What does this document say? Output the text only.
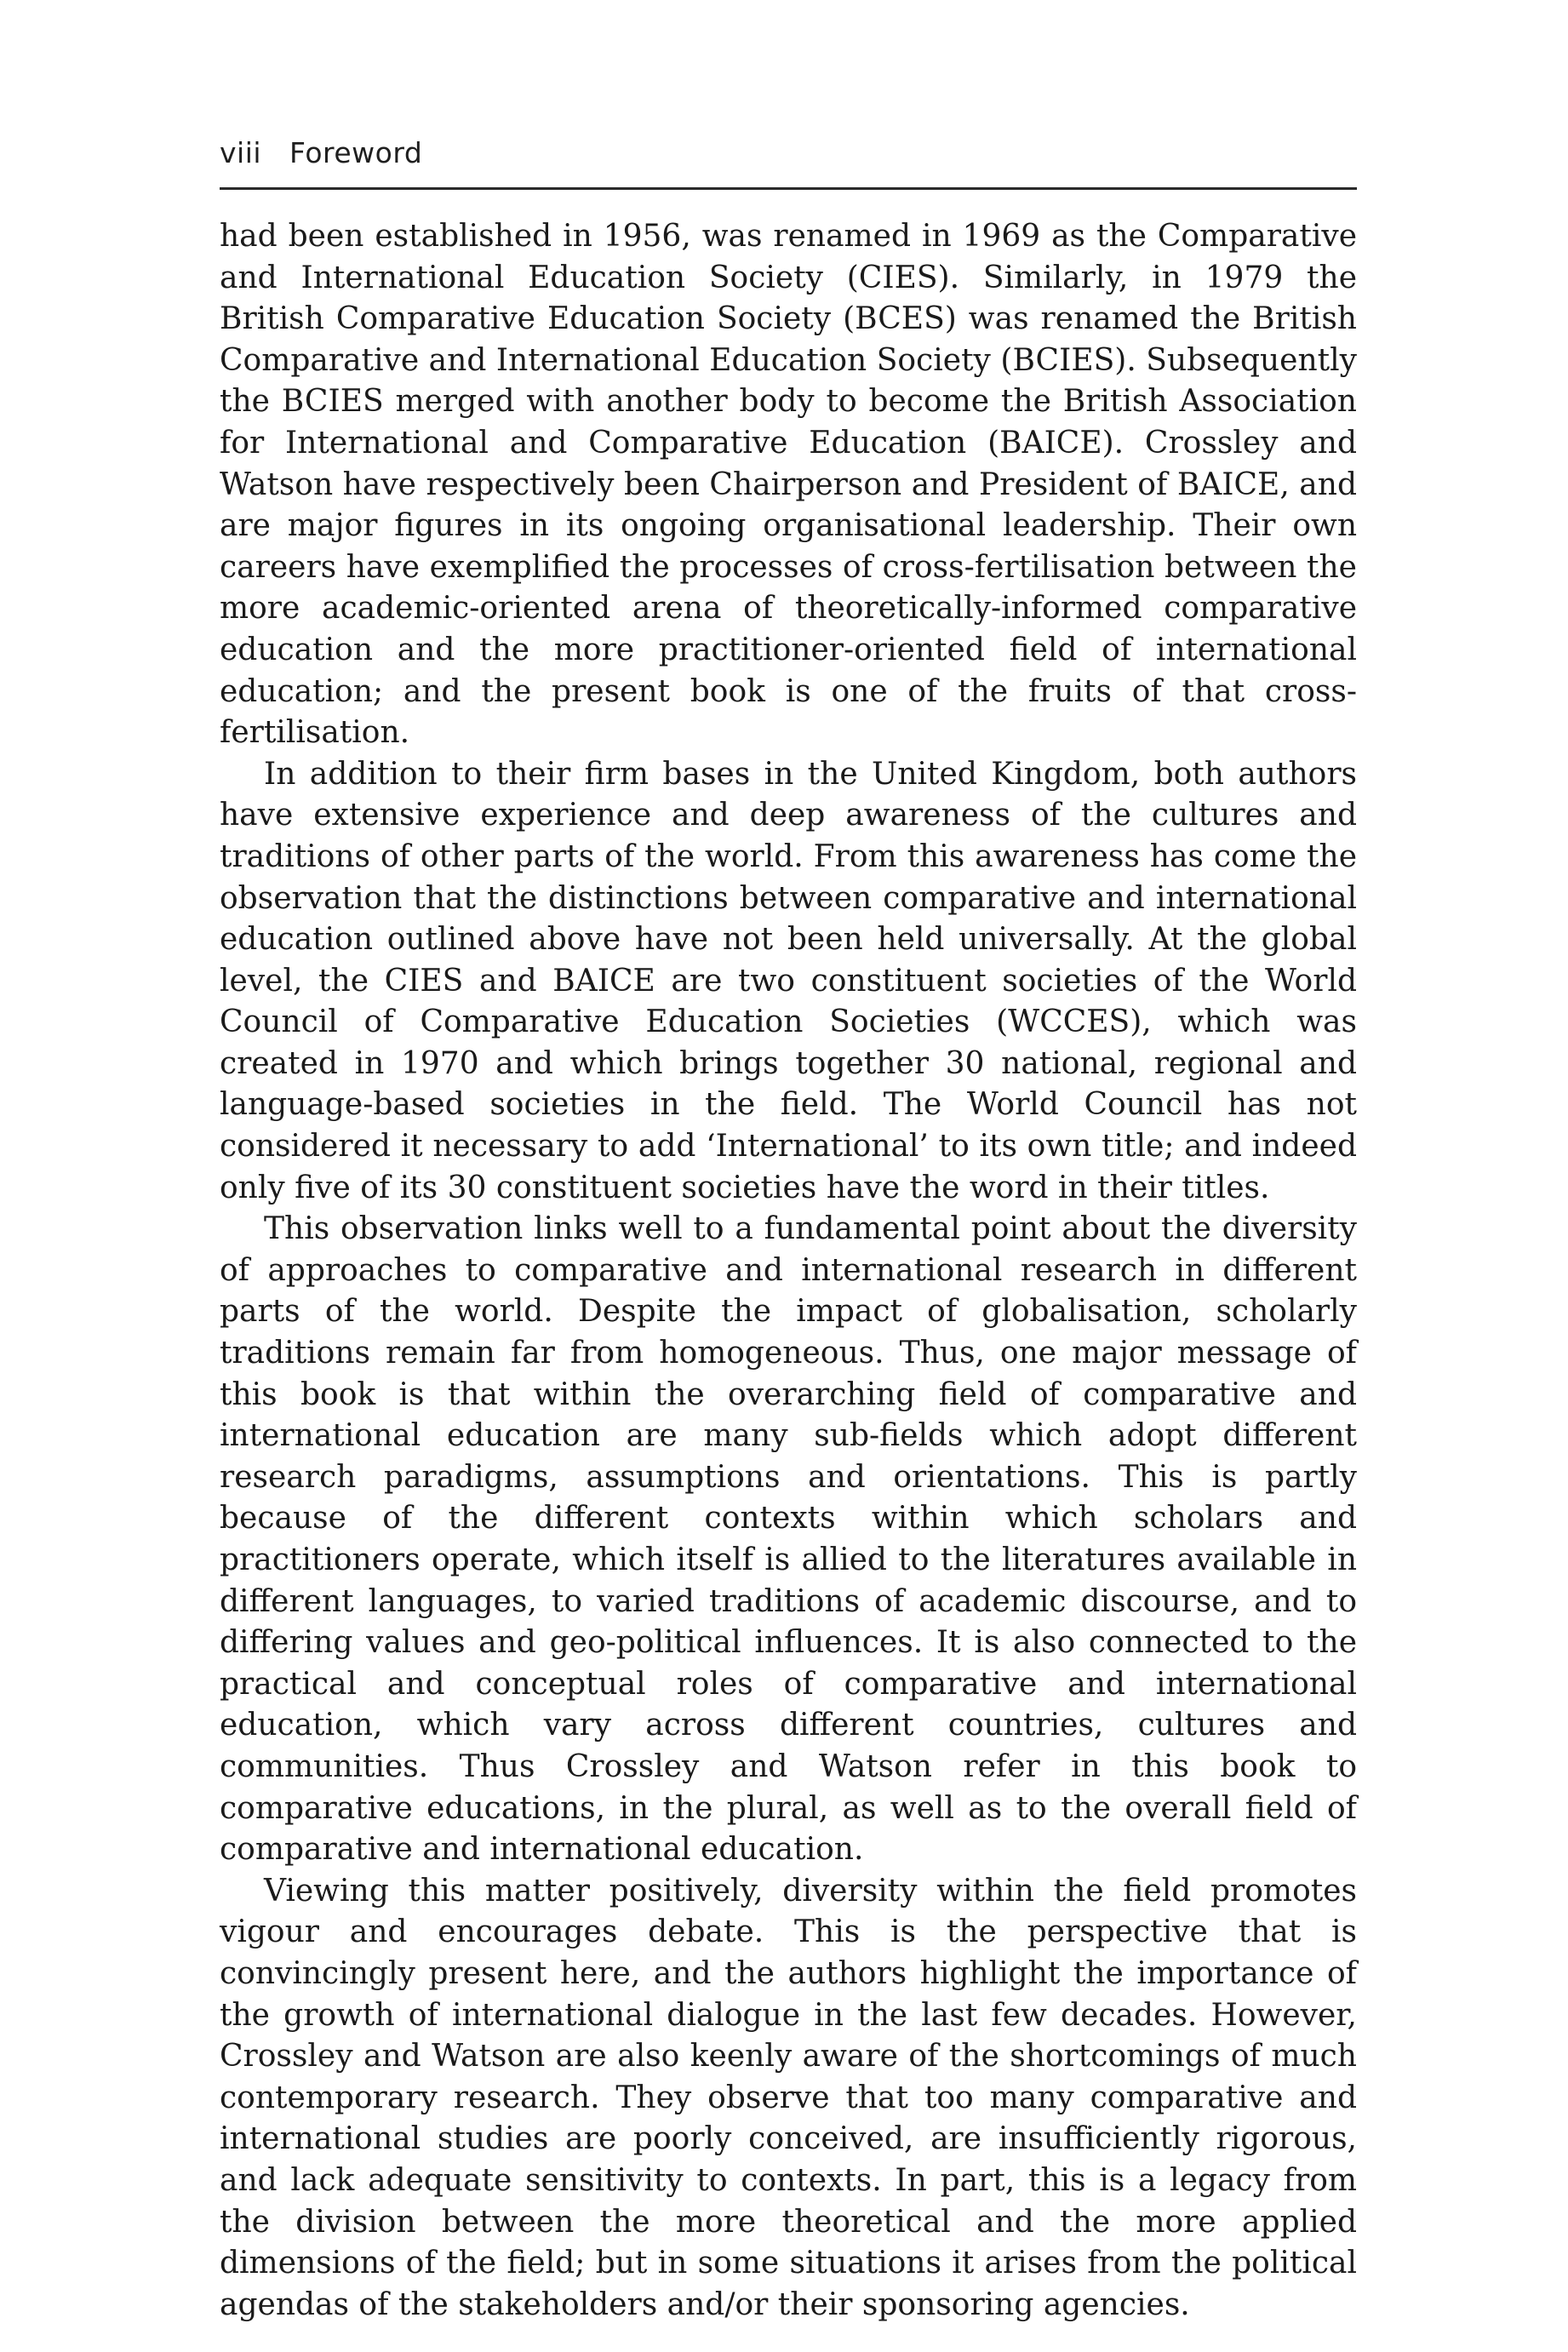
viii Foreword

had been established in 1956, was renamed in 1969 as the Comparative and International Education Society (CIES). Similarly, in 1979 the British Comparative Education Society (BCES) was renamed the British Comparative and International Education Society (BCIES). Subsequently the BCIES merged with another body to become the British Association for International and Comparative Education (BAICE). Crossley and Watson have respectively been Chairperson and President of BAICE, and are major figures in its ongoing organisational leadership. Their own careers have exemplified the processes of cross-fertilisation between the more academic-oriented arena of theoretically-informed comparative education and the more practitioner-oriented field of international education; and the present book is one of the fruits of that cross-fertilisation.

In addition to their firm bases in the United Kingdom, both authors have extensive experience and deep awareness of the cultures and traditions of other parts of the world. From this awareness has come the observation that the distinctions between comparative and international education outlined above have not been held universally. At the global level, the CIES and BAICE are two constituent societies of the World Council of Comparative Education Societies (WCCES), which was created in 1970 and which brings together 30 national, regional and language-based societies in the field. The World Council has not considered it necessary to add ‘International’ to its own title; and indeed only five of its 30 constituent societies have the word in their titles.

This observation links well to a fundamental point about the diversity of approaches to comparative and international research in different parts of the world. Despite the impact of globalisation, scholarly traditions remain far from homogeneous. Thus, one major message of this book is that within the overarching field of comparative and international education are many sub-fields which adopt different research paradigms, assumptions and orientations. This is partly because of the different contexts within which scholars and practitioners operate, which itself is allied to the literatures available in different languages, to varied traditions of academic discourse, and to differing values and geo-political influences. It is also connected to the practical and conceptual roles of comparative and international education, which vary across different countries, cultures and communities. Thus Crossley and Watson refer in this book to comparative educations, in the plural, as well as to the overall field of comparative and international education.

Viewing this matter positively, diversity within the field promotes vigour and encourages debate. This is the perspective that is convincingly present here, and the authors highlight the importance of the growth of international dialogue in the last few decades. However, Crossley and Watson are also keenly aware of the shortcomings of much contemporary research. They observe that too many comparative and international studies are poorly conceived, are insufficiently rigorous, and lack adequate sensitivity to contexts. In part, this is a legacy from the division between the more theoretical and the more applied dimensions of the field; but in some situations it arises from the political agendas of the stakeholders and/or their sponsoring agencies.
